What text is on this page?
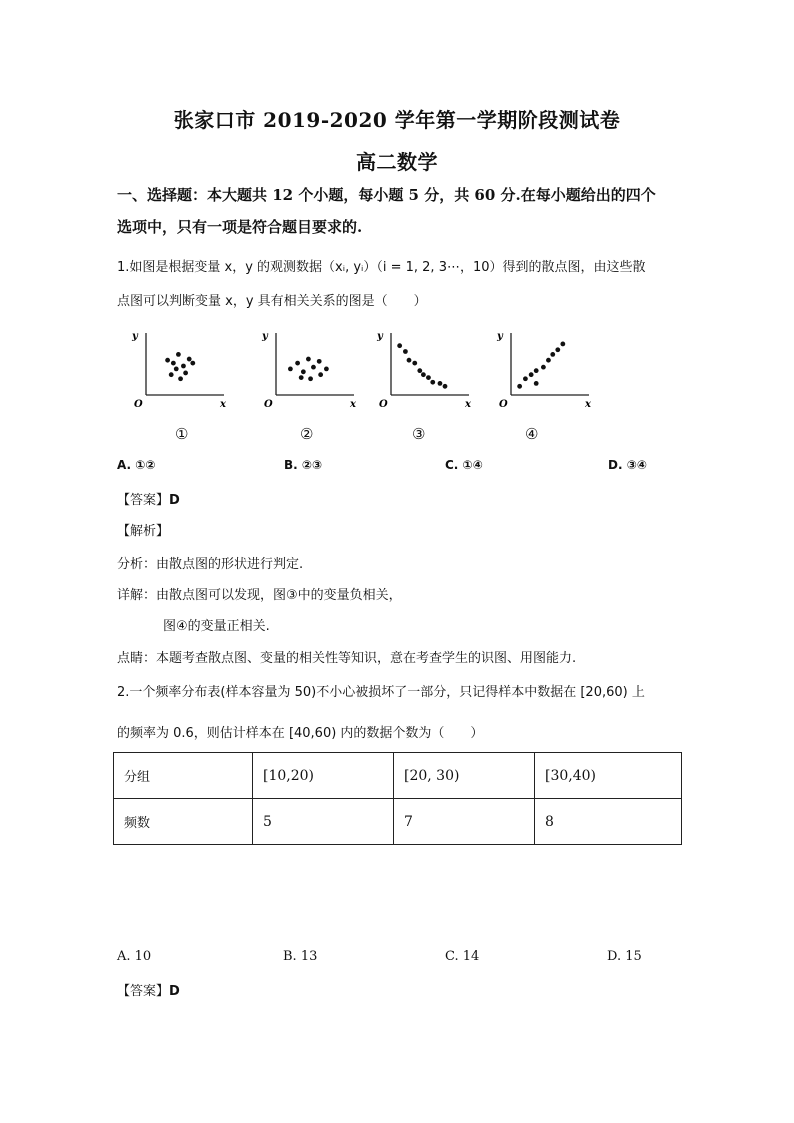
张家口市 2019-2020 学年第一学期阶段测试卷
高二数学
一、选择题：本大题共 12 个小题，每小题 5 分，共 60 分.在每小题给出的四个
选项中，只有一项是符合题目要求的.
1.如图是根据变量 x，y 的观测数据（xᵢ, yᵢ）（i = 1, 2, 3⋯，10）得到的散点图，由这些散
点图可以判断变量 x，y 具有相关关系的图是（　　）
y
x
O
y
x
O
y
x
O
y
x
O
①	②	③	④
A. ①②	B. ②③	C. ①④	D. ③④
【答案】D
【解析】
分析：由散点图的形状进行判定.
详解：由散点图可以发现，图③中的变量负相关，
图④的变量正相关.
点睛：本题考查散点图、变量的相关性等知识，意在考查学生的识图、用图能力.
2.一个频率分布表(样本容量为 50)不小心被损坏了一部分，只记得样本中数据在 [20,60) 上
的频率为 0.6，则估计样本在 [40,60) 内的数据个数为（　　）
分组	[10,20)	[20, 30)	[30,40)
频数	5	7	8
A. 10	B. 13	C. 14	D. 15
【答案】D
